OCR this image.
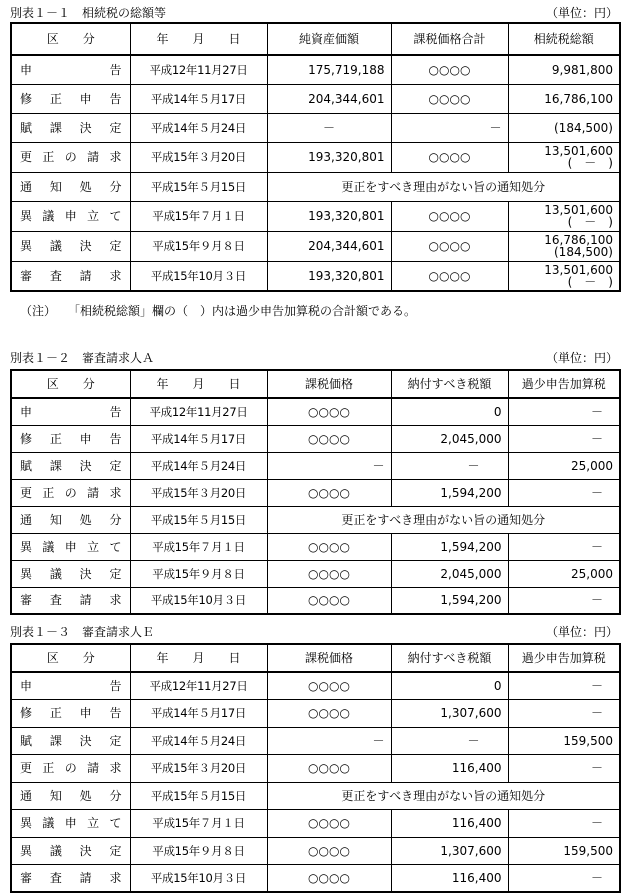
別表１－１　相続税の総額等	（単位：円）
区　　分	年　　月　　日	純資産価額	課税価格合計	相続税総額

申 告	平成12年11月27日	175,719,188	○○○○	9,981,800

修 正 申 告	平成14年５月17日	204,344,601	○○○○	16,786,100

賦 課 決 定	平成14年５月24日	－	－	(184,500)

更 正 の 請 求	平成15年３月20日	193,320,801	○○○○	13,501,600
(　－　)

通 知 処 分	平成15年５月15日	更正をすべき理由がない旨の通知処分		

異 議 申 立 て	平成15年７月１日	193,320,801	○○○○	13,501,600
(　－　)

異 議 決 定	平成15年９月８日	204,344,601	○○○○	16,786,100
(184,500)

審 査 請 求	平成15年10月３日	193,320,801	○○○○	13,501,600
(　－　)
（注） 「相続税総額」欄の（　）内は過少申告加算税の合計額である。
別表１－２　審査請求人Ａ	（単位：円）
区　　分	年　　月　　日	課税価格	納付すべき税額	過少申告加算税

申 告	平成12年11月27日	○○○○	0	－

修 正 申 告	平成14年５月17日	○○○○	2,045,000	－

賦 課 決 定	平成14年５月24日	－	－	25,000

更 正 の 請 求	平成15年３月20日	○○○○	1,594,200	－

通 知 処 分	平成15年５月15日	更正をすべき理由がない旨の通知処分		

異 議 申 立 て	平成15年７月１日	○○○○	1,594,200	－

異 議 決 定	平成15年９月８日	○○○○	2,045,000	25,000

審 査 請 求	平成15年10月３日	○○○○	1,594,200	－
別表１－３　審査請求人Ｅ	（単位：円）
区　　分	年　　月　　日	課税価格	納付すべき税額	過少申告加算税

申 告	平成12年11月27日	○○○○	0	－

修 正 申 告	平成14年５月17日	○○○○	1,307,600	－

賦 課 決 定	平成14年５月24日	－	－	159,500

更 正 の 請 求	平成15年３月20日	○○○○	116,400	－

通 知 処 分	平成15年５月15日	更正をすべき理由がない旨の通知処分		

異 議 申 立 て	平成15年７月１日	○○○○	116,400	－

異 議 決 定	平成15年９月８日	○○○○	1,307,600	159,500

審 査 請 求	平成15年10月３日	○○○○	116,400	－
